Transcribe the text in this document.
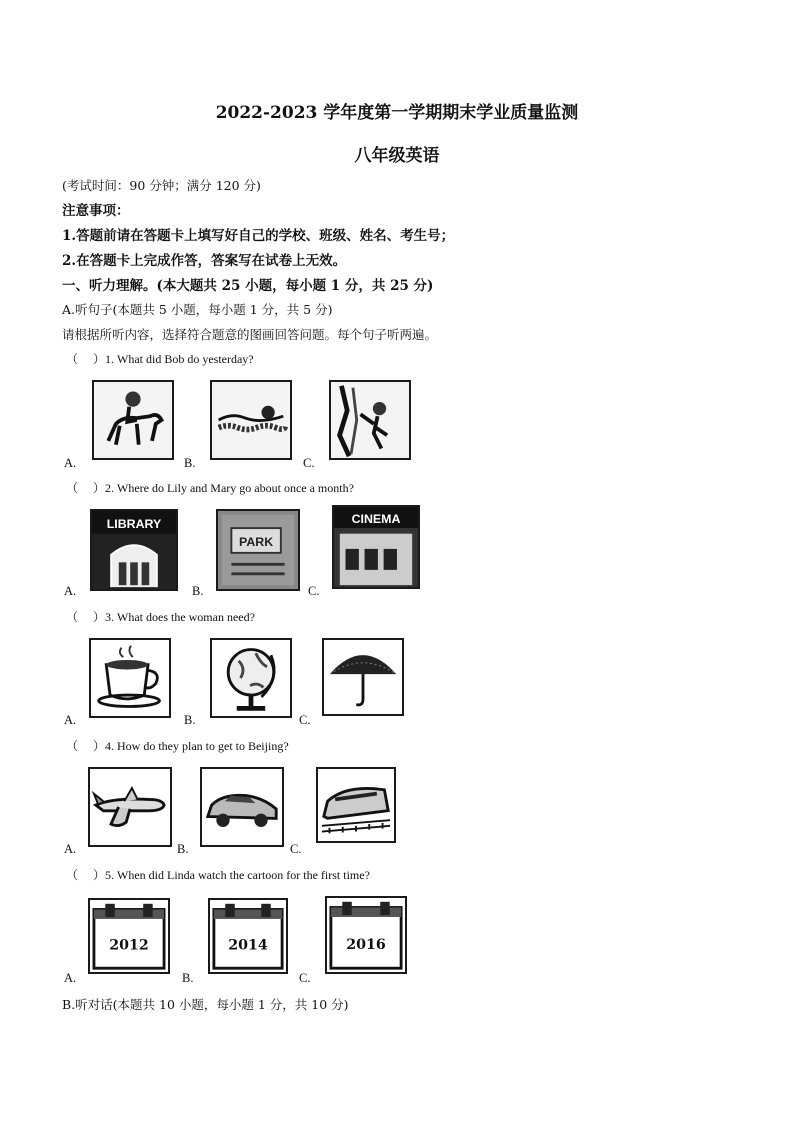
2022-2023 学年度第一学期期末学业质量监测
八年级英语
(考试时间：90 分钟；满分 120 分)
注意事项：
1.答题前请在答题卡上填写好自己的学校、班级、姓名、考生号；
2.在答题卡上完成作答，答案写在试卷上无效。
一、听力理解。(本大题共 25 小题，每小题 1 分，共 25 分)
A.听句子(本题共 5 小题，每小题 1 分，共 5 分)
请根据所听内容，选择符合题意的图画回答问题。每个句子听两遍。
（　 ）1. What did Bob do yesterday?
A.	B.	C.
（　 ）2. Where do Lily and Mary go about once a month?
LIBRARY
PARK
CINEMA
A.	B.	C.
（　 ）3. What does the woman need?
A.	B.	C.
（　 ）4. How do they plan to get to Beijing?
A.	B.	C.
（　 ）5. When did Linda watch the cartoon for the first time?
2012	2014	2016
A.	B.	C.
B.听对话(本题共 10 小题，每小题 1 分，共 10 分)
